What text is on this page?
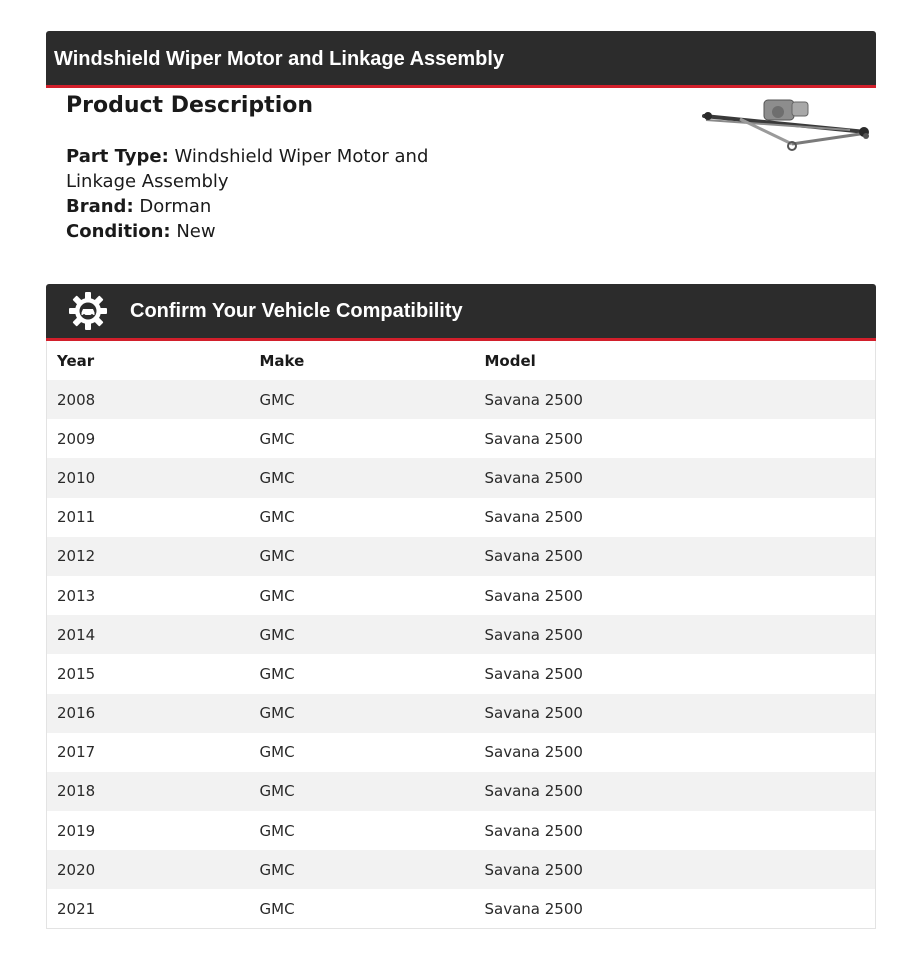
Windshield Wiper Motor and Linkage Assembly
Product Description
Part Type: Windshield Wiper Motor and Linkage Assembly
Brand: Dorman
Condition: New
Confirm Your Vehicle Compatibility
Year	Make	Model
2008	GMC	Savana 2500
2009	GMC	Savana 2500
2010	GMC	Savana 2500
2011	GMC	Savana 2500
2012	GMC	Savana 2500
2013	GMC	Savana 2500
2014	GMC	Savana 2500
2015	GMC	Savana 2500
2016	GMC	Savana 2500
2017	GMC	Savana 2500
2018	GMC	Savana 2500
2019	GMC	Savana 2500
2020	GMC	Savana 2500
2021	GMC	Savana 2500
